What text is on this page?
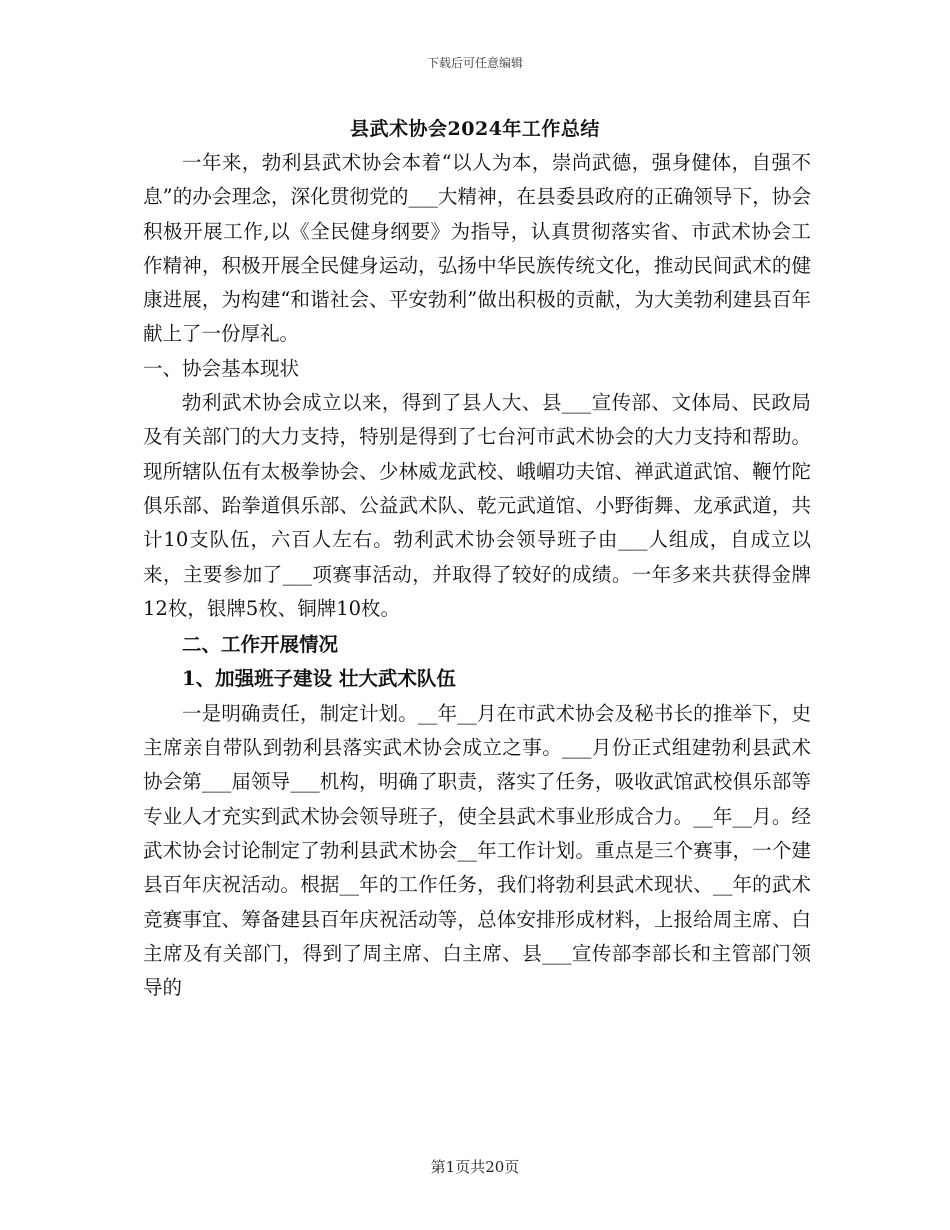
下载后可任意编辑
县武术协会2024年工作总结

一年来，勃利县武术协会本着“以人为本，崇尚武德，强身健体，自强不息”的办会理念，深化贯彻党的___大精神，在县委县政府的正确领导下，协会积极开展工作,以《全民健身纲要》为指导，认真贯彻落实省、市武术协会工作精神，积极开展全民健身运动，弘扬中华民族传统文化，推动民间武术的健康进展，为构建“和谐社会、平安勃利”做出积极的贡献，为大美勃利建县百年献上了一份厚礼。

一、协会基本现状

勃利武术协会成立以来，得到了县人大、县___宣传部、文体局、民政局及有关部门的大力支持，特别是得到了七台河市武术协会的大力支持和帮助。现所辖队伍有太极拳协会、少林威龙武校、峨嵋功夫馆、禅武道武馆、鞭竹陀俱乐部、跆拳道俱乐部、公益武术队、乾元武道馆、小野街舞、龙承武道，共计10支队伍，六百人左右。勃利武术协会领导班子由___人组成，自成立以来，主要参加了___项赛事活动，并取得了较好的成绩。一年多来共获得金牌12枚，银牌5枚、铜牌10枚。

二、工作开展情况

1、加强班子建设 壮大武术队伍

一是明确责任，制定计划。__年__月在市武术协会及秘书长的推举下，史主席亲自带队到勃利县落实武术协会成立之事。___月份正式组建勃利县武术协会第___届领导___机构，明确了职责，落实了任务，吸收武馆武校俱乐部等专业人才充实到武术协会领导班子，使全县武术事业形成合力。__年__月。经武术协会讨论制定了勃利县武术协会__年工作计划。重点是三个赛事，一个建县百年庆祝活动。根据__年的工作任务，我们将勃利县武术现状、__年的武术竞赛事宜、筹备建县百年庆祝活动等，总体安排形成材料，上报给周主席、白主席及有关部门，得到了周主席、白主席、县___宣传部李部长和主管部门领导的

第1页共20页
